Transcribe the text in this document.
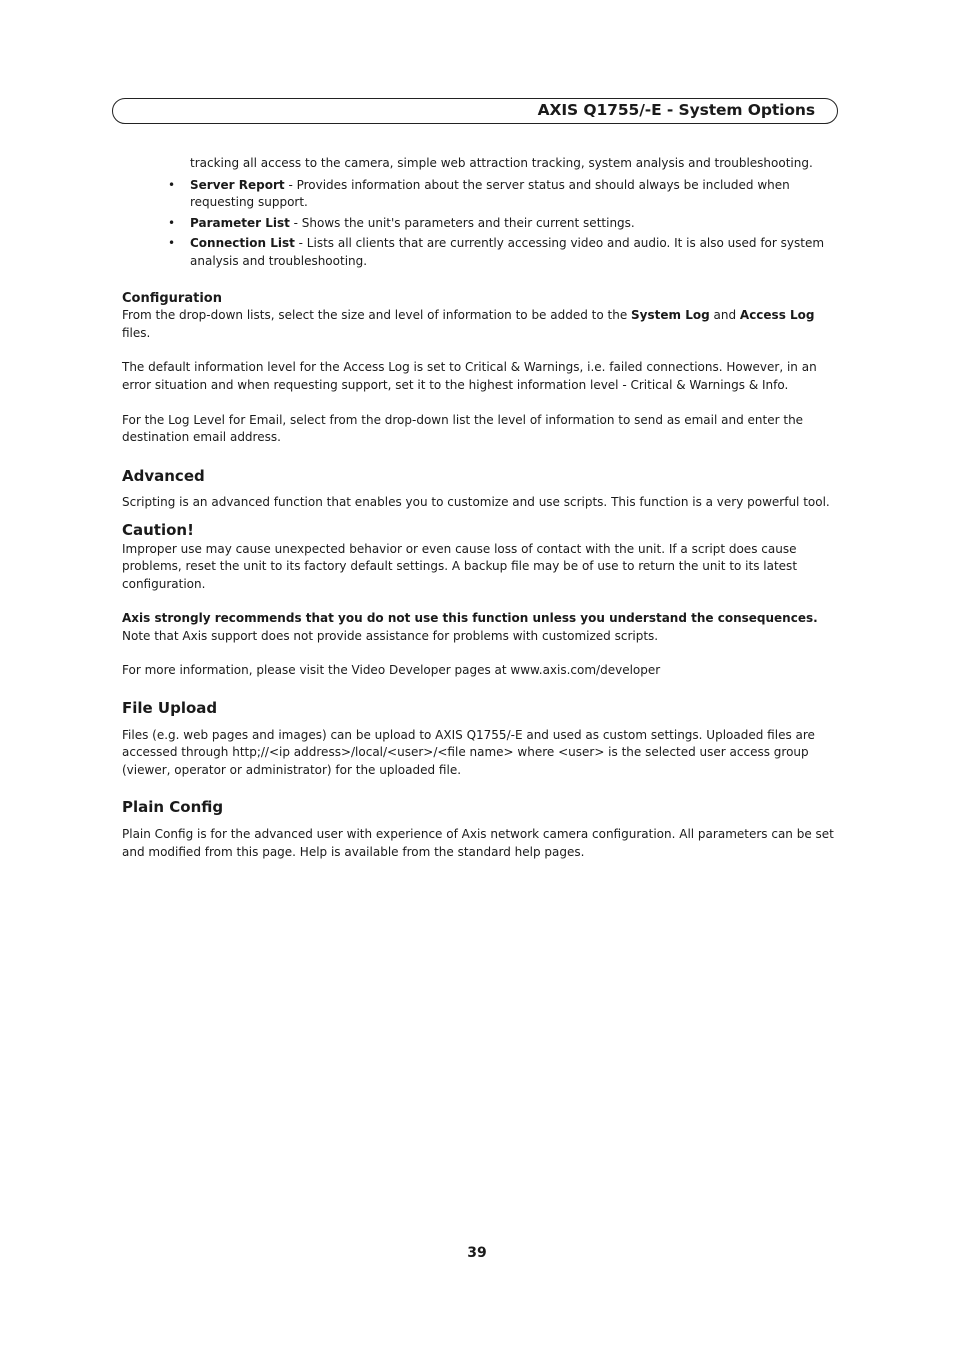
AXIS Q1755/-E - System Options

tracking all access to the camera, simple web attraction tracking, system analysis and troubleshooting.

• Server Report - Provides information about the server status and should always be included when requesting support.
• Parameter List - Shows the unit's parameters and their current settings.
• Connection List - Lists all clients that are currently accessing video and audio. It is also used for system analysis and troubleshooting.
Configuration

From the drop-down lists, select the size and level of information to be added to the System Log and Access Log files.

The default information level for the Access Log is set to Critical & Warnings, i.e. failed connections. However, in an error situation and when requesting support, set it to the highest information level - Critical & Warnings & Info.

For the Log Level for Email, select from the drop-down list the level of information to send as email and enter the destination email address.

Advanced

Scripting is an advanced function that enables you to customize and use scripts. This function is a very powerful tool.

Caution!

Improper use may cause unexpected behavior or even cause loss of contact with the unit. If a script does cause problems, reset the unit to its factory default settings. A backup file may be of use to return the unit to its latest configuration.

Axis strongly recommends that you do not use this function unless you understand the consequences. Note that Axis support does not provide assistance for problems with customized scripts.

For more information, please visit the Video Developer pages at www.axis.com/developer

File Upload

Files (e.g. web pages and images) can be upload to AXIS Q1755/-E and used as custom settings. Uploaded files are accessed through http;//<ip address>/local/<user>/<file name> where <user> is the selected user access group (viewer, operator or administrator) for the uploaded file.

Plain Config

Plain Config is for the advanced user with experience of Axis network camera configuration. All parameters can be set and modified from this page. Help is available from the standard help pages.

39
